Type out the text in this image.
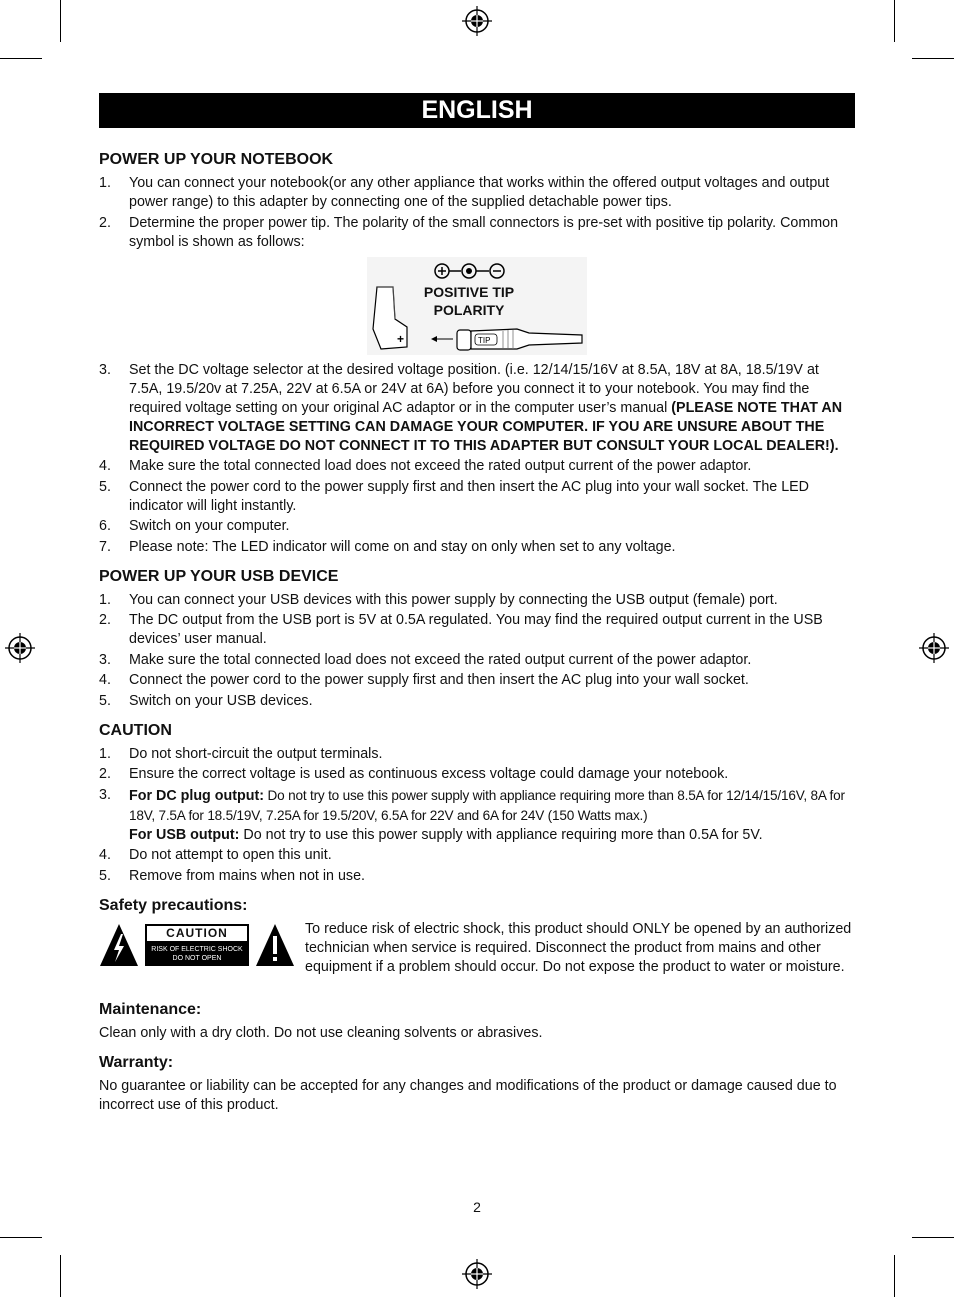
ENGLISH
POWER UP YOUR NOTEBOOK
1. You can connect your notebook(or any other appliance that works within the offered output voltages and output power range) to this adapter by connecting one of the supplied detachable power tips.
2. Determine the proper power tip. The polarity of the small connectors is pre-set with positive tip polarity. Common symbol is shown as follows:
+	TIP
POSITIVE TIP
POLARITY
3. Set the DC voltage selector at the desired voltage position. (i.e. 12/14/15/16V at 8.5A, 18V at 8A, 18.5/19V at 7.5A, 19.5/20v at 7.25A, 22V at 6.5A or 24V at 6A) before you connect it to your notebook. You may find the required voltage setting on your original AC adaptor or in the computer user’s manual (PLEASE NOTE THAT AN INCORRECT VOLTAGE SETTING CAN DAMAGE YOUR COMPUTER. IF YOU ARE UNSURE ABOUT THE REQUIRED VOLTAGE DO NOT CONNECT IT TO THIS ADAPTER BUT CONSULT YOUR LOCAL DEALER!).
4. Make sure the total connected load does not exceed the rated output current of the power adaptor.
5. Connect the power cord to the power supply first and then insert the AC plug into your wall socket. The LED indicator will light instantly.
6. Switch on your computer.
7. Please note: The LED indicator will come on and stay on only when set to any voltage.
POWER UP YOUR USB DEVICE
1. You can connect your USB devices with this power supply by connecting the USB output (female) port.
2. The DC output from the USB port is 5V at 0.5A regulated. You may find the required output current in the USB devices’ user manual.
3. Make sure the total connected load does not exceed the rated output current of the power adaptor.
4. Connect the power cord to the power supply first and then insert the AC plug into your wall socket.
5. Switch on your USB devices.
CAUTION
1. Do not short-circuit the output terminals.
2. Ensure the correct voltage is used as continuous excess voltage could damage your notebook.
3. For DC plug output: Do not try to use this power supply with appliance requiring more than 8.5A for 12/14/15/16V, 8A for 18V, 7.5A for 18.5/19V, 7.25A for 19.5/20V, 6.5A for 22V and 6A for 24V (150 Watts max.)
For USB output: Do not try to use this power supply with appliance requiring more than 0.5A for 5V.
4. Do not attempt to open this unit.
5. Remove from mains when not in use.
Safety precautions:
CAUTION
RISK OF ELECTRIC SHOCK
DO NOT OPEN

To reduce risk of electric shock, this product should ONLY be opened by an authorized technician when service is required. Disconnect the product from mains and other equipment if a problem should occur. Do not expose the product to water or moisture.

Maintenance:

Clean only with a dry cloth. Do not use cleaning solvents or abrasives.

Warranty:

No guarantee or liability can be accepted for any changes and modifications of the product or damage caused due to incorrect use of this product.

2
